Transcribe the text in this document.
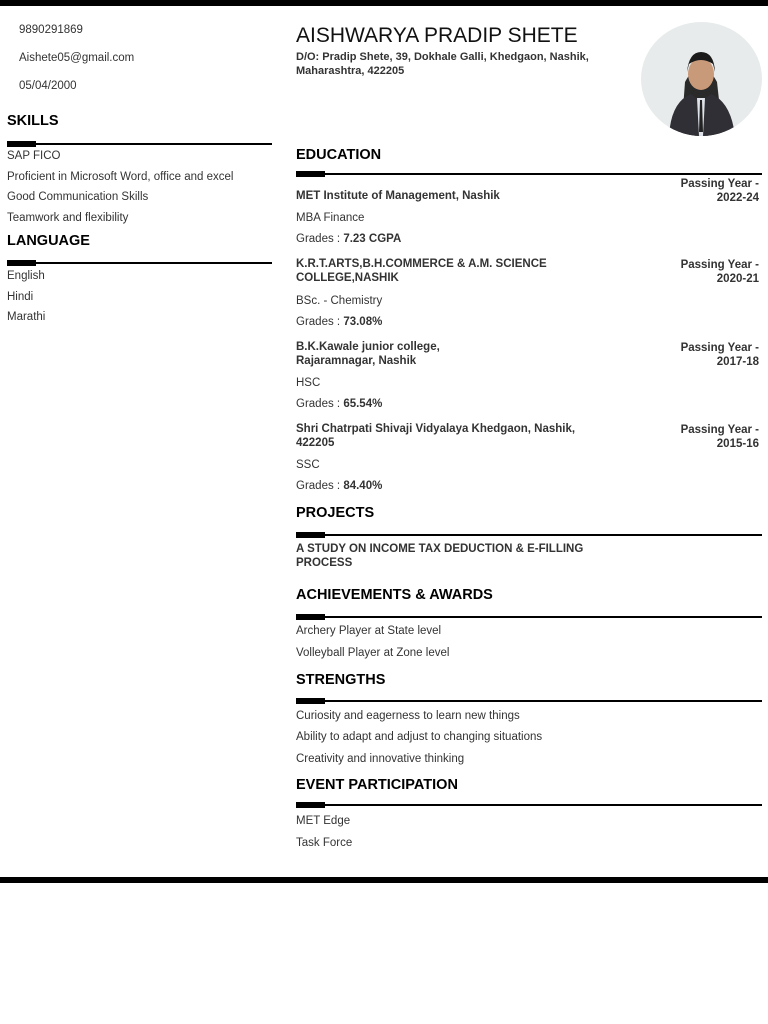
9890291869
Aishete05@gmail.com
05/04/2000
SKILLS
SAP FICO
Proficient in Microsoft Word, office and excel
Good Communication Skills
Teamwork and flexibility
LANGUAGE
English
Hindi
Marathi
AISHWARYA PRADIP SHETE
D/O: Pradip Shete, 39, Dokhale Galli, Khedgaon, Nashik, Maharashtra, 422205
EDUCATION
Passing Year -
2022-24
MET Institute of Management, Nashik
MBA Finance
Grades : 7.23 CGPA
Passing Year -
2020-21
K.R.T.ARTS,B.H.COMMERCE & A.M. SCIENCE COLLEGE,NASHIK
BSc. - Chemistry
Grades : 73.08%
Passing Year -
2017-18
B.K.Kawale junior college, Rajaramnagar, Nashik
HSC
Grades : 65.54%
Passing Year -
2015-16
Shri Chatrpati Shivaji Vidyalaya Khedgaon, Nashik, 422205
SSC
Grades : 84.40%
PROJECTS
A STUDY ON INCOME TAX DEDUCTION & E-FILLING PROCESS
ACHIEVEMENTS & AWARDS
Archery Player at State level
Volleyball Player at Zone level
STRENGTHS
Curiosity and eagerness to learn new things
Ability to adapt and adjust to changing situations
Creativity and innovative thinking
EVENT PARTICIPATION
MET Edge
Task Force
